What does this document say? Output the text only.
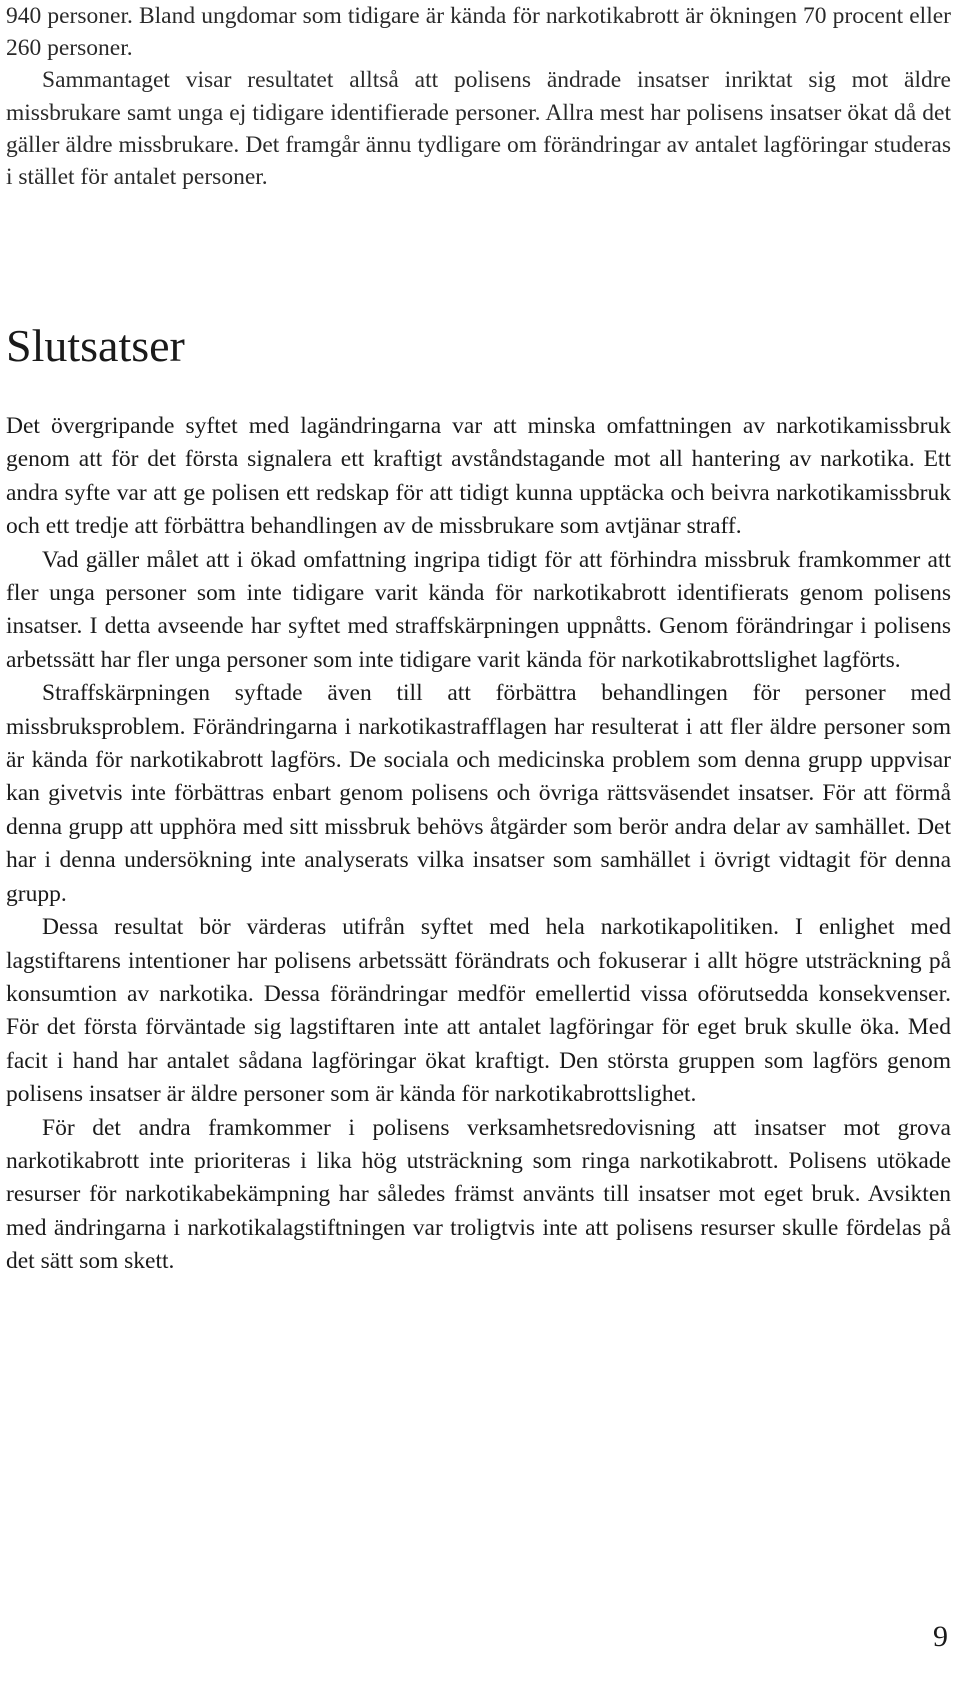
940 personer. Bland ungdomar som tidigare är kända för narkotikabrott är ökningen 70 procent eller 260 personer.

Sammantaget visar resultatet alltså att polisens ändrade insatser inriktat sig mot äldre missbrukare samt unga ej tidigare identifierade personer. Allra mest har polisens insatser ökat då det gäller äldre missbrukare. Det framgår ännu tydligare om förändringar av antalet lagföringar studeras i stället för antalet personer.

Slutsatser

Det övergripande syftet med lagändringarna var att minska omfattningen av narkotikamissbruk genom att för det första signalera ett kraftigt avståndstagande mot all hantering av narkotika. Ett andra syfte var att ge polisen ett redskap för att tidigt kunna upptäcka och beivra narkotikamissbruk och ett tredje att förbättra behandlingen av de missbrukare som avtjänar straff.

Vad gäller målet att i ökad omfattning ingripa tidigt för att förhindra missbruk framkommer att fler unga personer som inte tidigare varit kända för narkotikabrott identifierats genom polisens insatser. I detta avseende har syftet med straffskärpningen uppnåtts. Genom förändringar i polisens arbetssätt har fler unga personer som inte tidigare varit kända för narkotikabrottslighet lagförts.

Straffskärpningen syftade även till att förbättra behandlingen för personer med missbruksproblem. Förändringarna i narkotikastrafflagen har resulterat i att fler äldre personer som är kända för narkotikabrott lagförs. De sociala och medicinska problem som denna grupp uppvisar kan givetvis inte förbättras enbart genom polisens och övriga rättsväsendet insatser. För att förmå denna grupp att upphöra med sitt missbruk behövs åtgärder som berör andra delar av samhället. Det har i denna undersökning inte analyserats vilka insatser som samhället i övrigt vidtagit för denna grupp.

Dessa resultat bör värderas utifrån syftet med hela narkotikapolitiken. I enlighet med lagstiftarens intentioner har polisens arbetssätt förändrats och fokuserar i allt högre utsträckning på konsumtion av narkotika. Dessa förändringar medför emellertid vissa oförutsedda konsekvenser. För det första förväntade sig lagstiftaren inte att antalet lagföringar för eget bruk skulle öka. Med facit i hand har antalet sådana lagföringar ökat kraftigt. Den största gruppen som lagförs genom polisens insatser är äldre personer som är kända för narkotikabrottslighet.

För det andra framkommer i polisens verksamhetsredovisning att insatser mot grova narkotikabrott inte prioriteras i lika hög utsträckning som ringa narkotikabrott. Polisens utökade resurser för narkotikabekämpning har således främst använts till insatser mot eget bruk. Avsikten med ändringarna i narkotikalagstiftningen var troligtvis inte att polisens resurser skulle fördelas på det sätt som skett.

9
